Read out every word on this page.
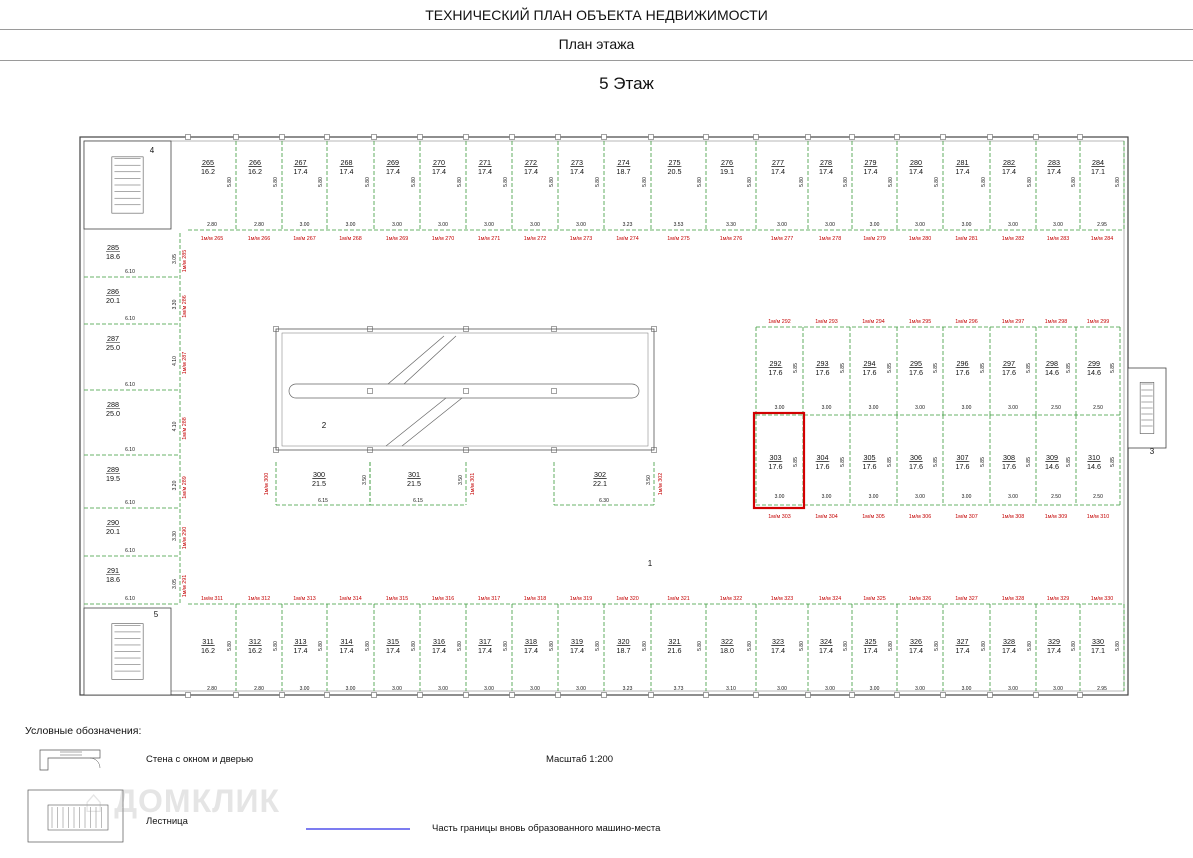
ТЕХНИЧЕСКИЙ ПЛАН ОБЪЕКТА НЕДВИЖИМОСТИ
План этажа
5 Этаж
265
16.2
5.80
2.80
1м/м 265
266
16.2
5.80
2.80
1м/м 266
267
17.4
5.80
3.00
1м/м 267
268
17.4
5.80
3.00
1м/м 268
269
17.4
5.80
3.00
1м/м 269
270
17.4
5.80
3.00
1м/м 270
271
17.4
5.80
3.00
1м/м 271
272
17.4
5.80
3.00
1м/м 272
273
17.4
5.80
3.00
1м/м 273
274
18.7
5.80
3.23
1м/м 274
275
20.5
5.80
3.53
1м/м 275
276
19.1
5.80
3.30
1м/м 276
277
17.4
5.80
3.00
1м/м 277
278
17.4
5.80
3.00
1м/м 278
279
17.4
5.80
3.00
1м/м 279
280
17.4
5.80
3.00
1м/м 280
281
17.4
5.80
3.00
1м/м 281
282
17.4
5.80
3.00
1м/м 282
283
17.4
5.80
3.00
1м/м 283
284
17.1
5.80
2.95
1м/м 284
311
16.2 5.80
2.80
1м/м 311
312
16.2 5.80
2.80
1м/м 312
313
17.4 5.80
3.00
1м/м 313
314
17.4 5.80
3.00
1м/м 314
315
17.4 5.80
3.00
1м/м 315
316
17.4 5.80
3.00
1м/м 316
317
17.4 5.80
3.00
1м/м 317
318
17.4 5.80
3.00
1м/м 318
319
17.4 5.80
3.00
1м/м 319
320
18.7 5.80
3.23
1м/м 320
321
21.6	5.80
3.73
1м/м 321
322
18.0	5.80
3.10
1м/м 322
323
17.4	5.80
3.00
1м/м 323
324
17.4 5.80
3.00
1м/м 324
325
17.4 5.80
3.00
1м/м 325
326
17.4 5.80
3.00
1м/м 326
327
17.4 5.80
3.00
1м/м 327
328
17.4 5.80
3.00
1м/м 328
329
17.4 5.80
3.00
1м/м 329
330
17.1 5.80
2.95
1м/м 330
285
18.6
6.10
3.05 1м/м 285
286
20.1
6.10
3.30 1м/м 286
287
25.0
6.10
4.10 1м/м 287
288
25.0
6.10
4.10 1м/м 288
289
19.5
6.10
3.20 1м/м 289
290
20.1
6.10
3.30 1м/м 290
291
18.6
6.10
3.05 1м/м 291
292
17.6 5.85
3.00
1м/м 292
293
17.6 5.85
3.00
1м/м 293
294
17.6 5.85
3.00
1м/м 294
295
17.6 5.85
3.00
1м/м 295
296
17.6 5.85
3.00
1м/м 296
297
17.6 5.85
3.00
1м/м 297
298
14.6 5.85
2.50
1м/м 298
299
14.6 5.85
2.50
1м/м 299
303
17.6 5.85
3.00
1м/м 303
304
17.6 5.85
3.00
1м/м 304
305
17.6 5.85
3.00
1м/м 305
306
17.6 5.85
3.00
1м/м 306
307
17.6 5.85
3.00
1м/м 307
308
17.6 5.85
3.00
1м/м 308
309
14.6 5.85
2.50
1м/м 309
310
14.6 5.85
2.50
1м/м 310
300
21.5	3.50
6.15
1м/м 300	301
21.5	3.50
6.15
1м/м 301	302
22.1	3.50
6.30
1м/м 302
2
1
4
5
3
Условные обозначения:
Стена с окном и дверью	Масштаб 1:200
Лестница
Часть границы вновь образованного машино-места
⌂ ДОМКЛИК
